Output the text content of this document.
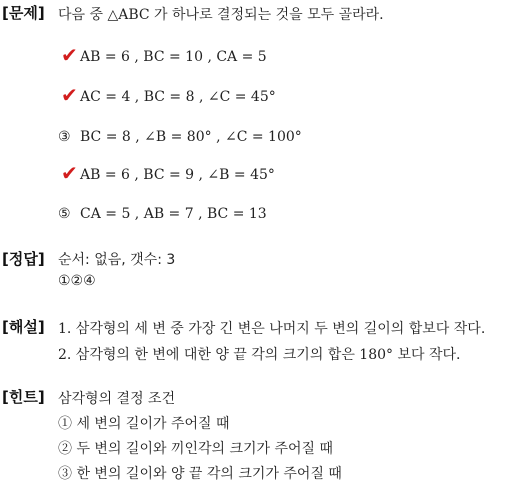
[문제] 다음 중 △ABC 가 하나로 결정되는 것을 모두 골라라.
✔ AB = 6 , BC = 10 , CA = 5
✔ AC = 4 , BC = 8 , ∠C = 45°
③ BC = 8 , ∠B = 80° , ∠C = 100°
✔ AB = 6 , BC = 9 , ∠B = 45°
⑤ CA = 5 , AB = 7 , BC = 13
[정답] 순서: 없음, 갯수: 3
①②④
[해설] 1. 삼각형의 세 변 중 가장 긴 변은 나머지 두 변의 길이의 합보다 작다.
2. 삼각형의 한 변에 대한 양 끝 각의 크기의 합은 180° 보다 작다.
[힌트] 삼각형의 결정 조건
① 세 변의 길이가 주어질 때
② 두 변의 길이와 끼인각의 크기가 주어질 때
③ 한 변의 길이와 양 끝 각의 크기가 주어질 때
